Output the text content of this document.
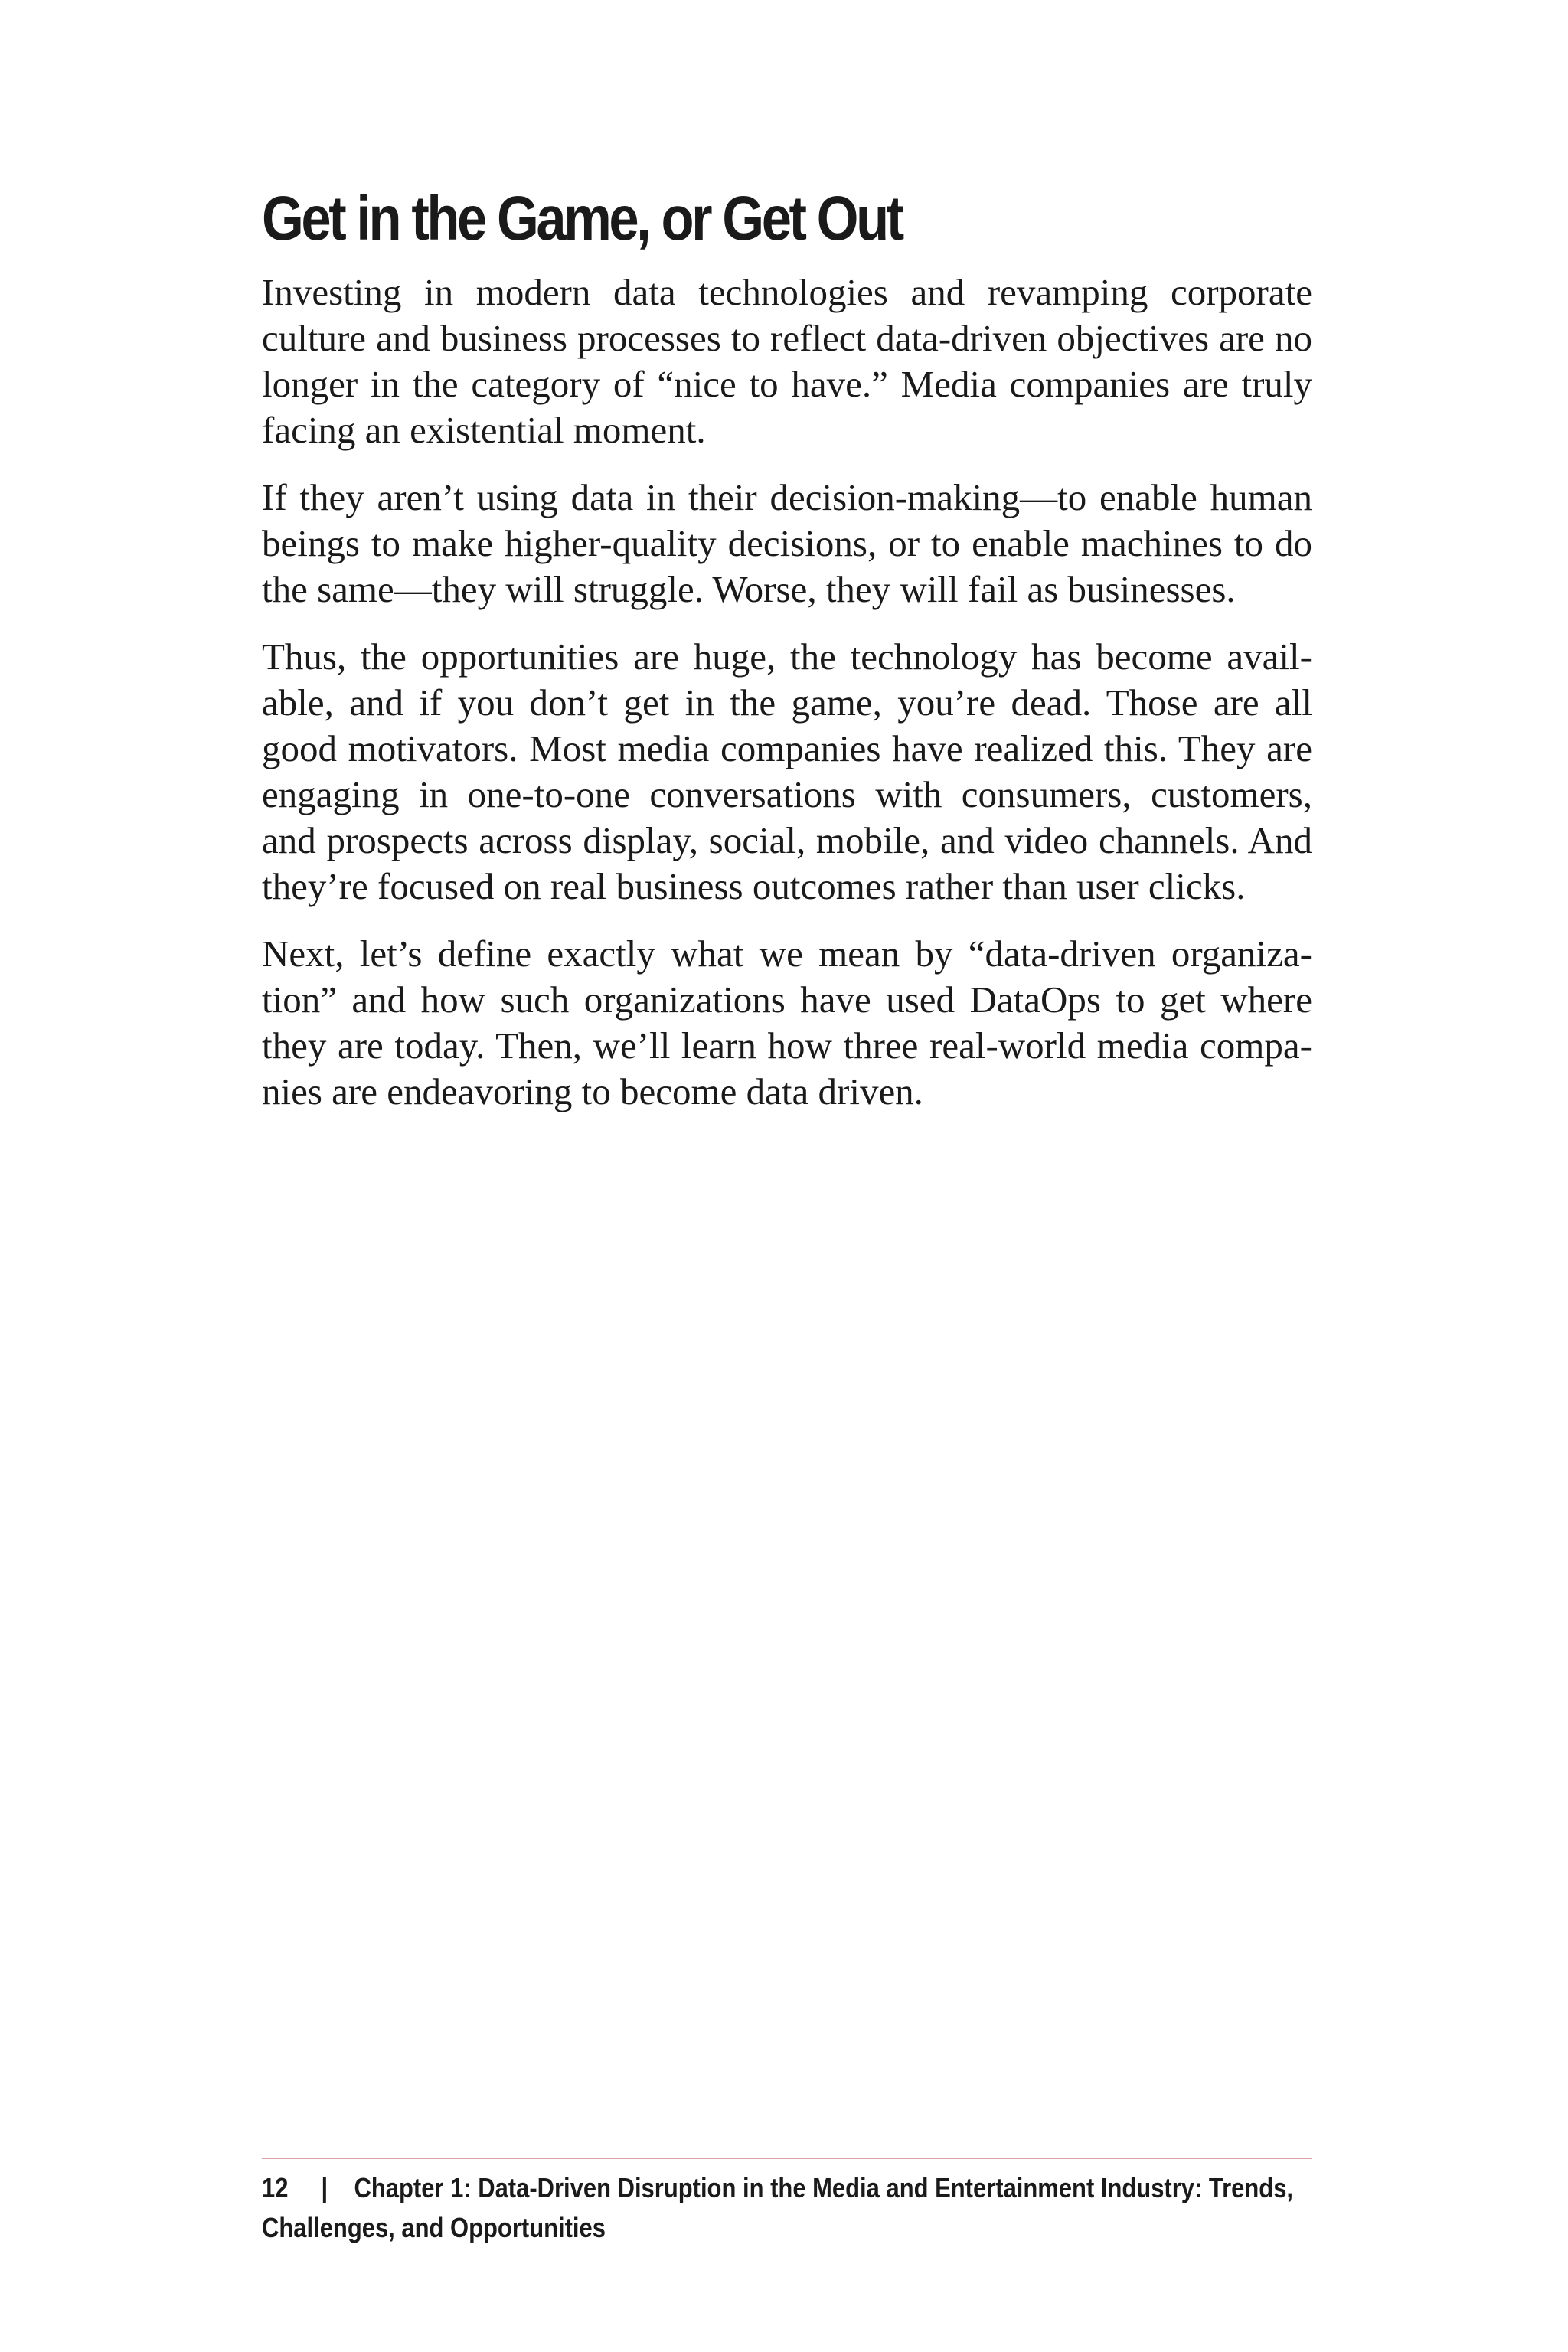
Get in the Game, or Get Out

Investing in modern data technologies and revamping corporate culture and business processes to reflect data-driven objectives are no longer in the category of “nice to have.” Media companies are truly facing an existential moment.

If they aren’t using data in their decision-making—to enable human beings to make higher-quality decisions, or to enable machines to do the same—they will struggle. Worse, they will fail as businesses.

Thus, the opportunities are huge, the technology has become available, and if you don’t get in the game, you’re dead. Those are all good motivators. Most media companies have realized this. They are engaging in one-to-one conversations with consumers, customers, and prospects across display, social, mobile, and video channels. And they’re focused on real business outcomes rather than user clicks.

Next, let’s define exactly what we mean by “data-driven organization” and how such organizations have used DataOps to get where they are today. Then, we’ll learn how three real-world media companies are endeavoring to become data driven.

12 | Chapter 1: Data-Driven Disruption in the Media and Entertainment Industry: Trends, Challenges, and Opportunities
